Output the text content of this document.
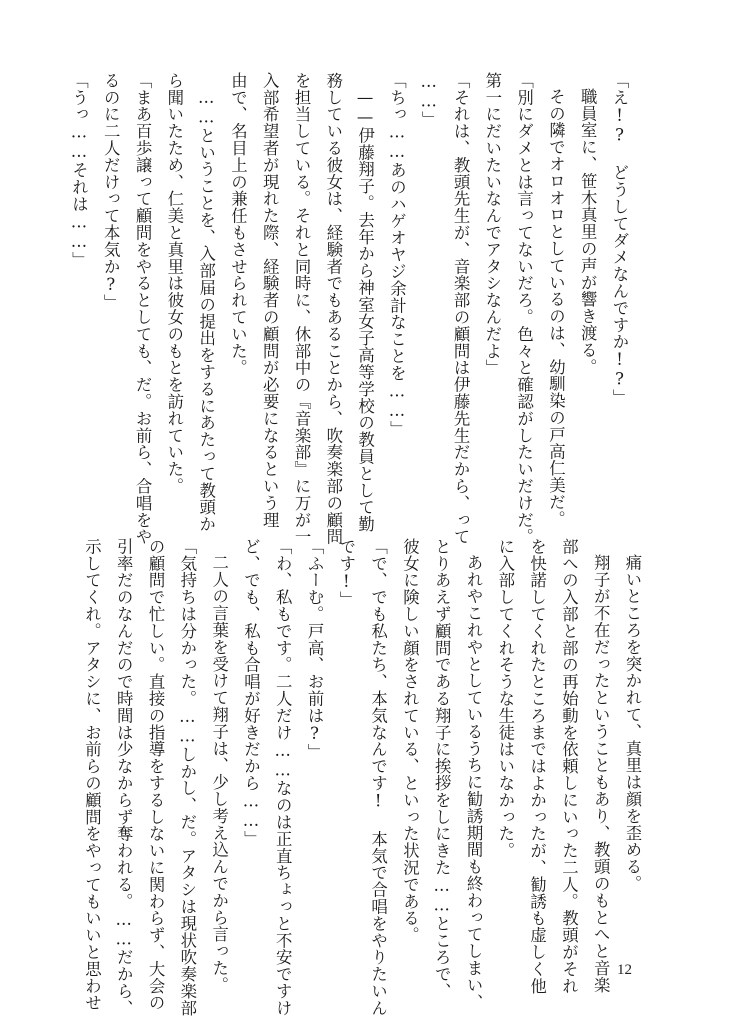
「え!? どうしてダメなんですか!?」
職員室に、笹木真里の声が響き渡る。
その隣でオロオロとしているのは、幼馴染の戸高仁美だ。
「別にダメとは言ってないだろ。色々と確認がしたいだけだ。
第一にだいたいなんでアタシなんだよ」
「それは、教頭先生が、音楽部の顧問は伊藤先生だから、って
……」
「ちっ……あのハゲオヤジ余計なことを……」
——伊藤翔子。去年から神室女子高等学校の教員として勤
務している彼女は、経験者でもあることから、吹奏楽部の顧問
を担当している。それと同時に、休部中の『音楽部』に万が一
入部希望者が現れた際、経験者の顧問が必要になるという理
由で、名目上の兼任もさせられていた。
……ということを、入部届の提出をするにあたって教頭か
ら聞いたため、仁美と真里は彼女のもとを訪れていた。
「まあ百歩譲って顧問をやるとしても、だ。お前ら、合唱をや
るのに二人だけって本気か?」
「うっ……それは……」
痛いところを突かれて、真里は顔を歪める。
翔子が不在だったということもあり、教頭のもとへと音楽
部への入部と部の再始動を依頼しにいった二人。教頭がそれ
を快諾してくれたところまではよかったが、勧誘も虚しく他
に入部してくれそうな生徒はいなかった。
あれやこれやとしているうちに勧誘期間も終わってしまい、
とりあえず顧問である翔子に挨拶をしにきた……ところで、
彼女に険しい顔をされている、といった状況である。
「で、でも私たち、本気なんです! 本気で合唱をやりたいん
です!」
「ふーむ。戸高、お前は?」
「わ、私もです。二人だけ……なのは正直ちょっと不安ですけ
ど、でも、私も合唱が好きだから……」
二人の言葉を受けて翔子は、少し考え込んでから言った。
「気持ちは分かった。……しかし、だ。アタシは現状吹奏楽部
の顧問で忙しい。直接の指導をするしないに関わらず、大会の
引率だのなんだので時間は少なからず奪われる。……だから、
示してくれ。アタシに、お前らの顧問をやってもいいと思わせ	12
